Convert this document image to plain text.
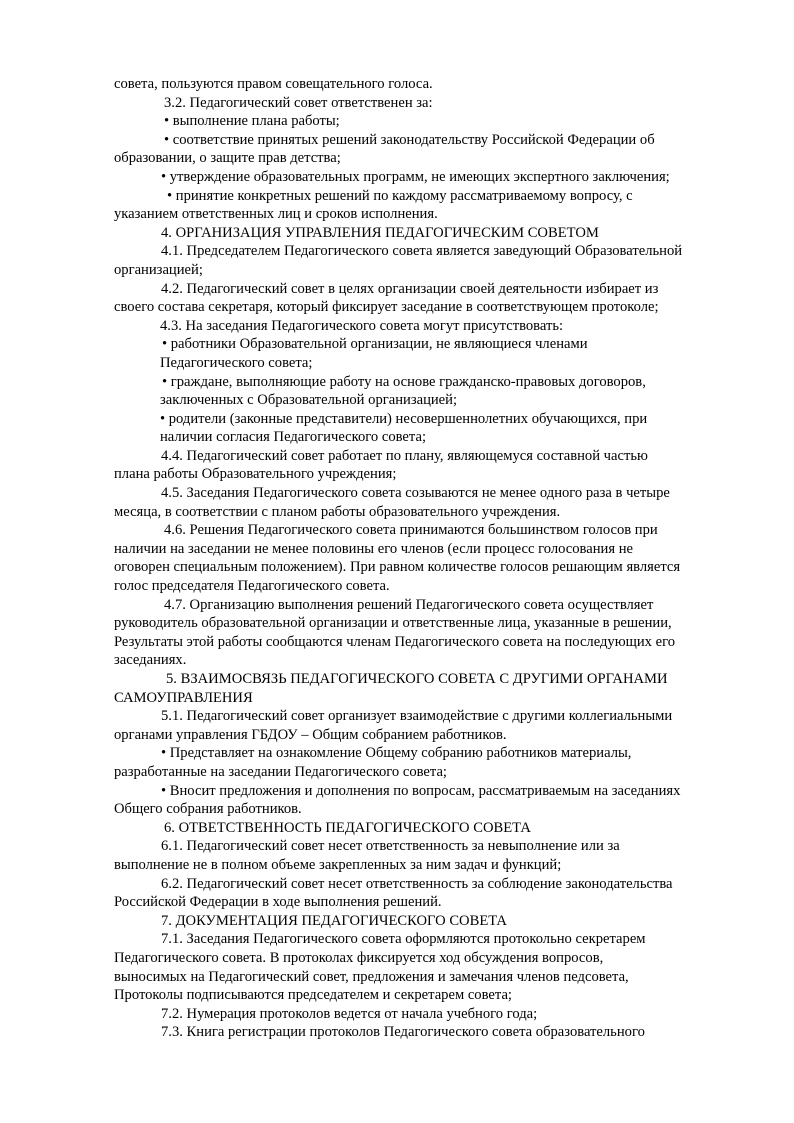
совета, пользуются правом совещательного голоса.
3.2. Педагогический совет ответственен за:
• выполнение плана работы;
• соответствие принятых решений законодательству Российской Федерации об
образовании, о защите прав детства;
• утверждение образовательных программ, не имеющих экспертного заключения;
• принятие конкретных решений по каждому рассматриваемому вопросу, с
указанием ответственных лиц и сроков исполнения.
4. ОРГАНИЗАЦИЯ УПРАВЛЕНИЯ ПЕДАГОГИЧЕСКИМ СОВЕТОМ
4.1. Председателем Педагогического совета является заведующий Образовательной
организацией;
4.2. Педагогический совет в целях организации своей деятельности избирает из
своего состава секретаря, который фиксирует заседание в соответствующем протоколе;
4.3. На заседания Педагогического совета могут присутствовать:
• работники Образовательной организации, не являющиеся членами
Педагогического совета;
• граждане, выполняющие работу на основе гражданско-правовых договоров,
заключенных с Образовательной организацией;
• родители (законные представители) несовершеннолетних обучающихся, при
наличии согласия Педагогического совета;
4.4. Педагогический совет работает по плану, являющемуся составной частью
плана работы Образовательного учреждения;
4.5. Заседания Педагогического совета созываются не менее одного раза в четыре
месяца, в соответствии с планом работы образовательного учреждения.
4.6. Решения Педагогического совета принимаются большинством голосов при
наличии на заседании не менее половины его членов (если процесс голосования не
оговорен специальным положением). При равном количестве голосов решающим является
голос председателя Педагогического совета.
4.7. Организацию выполнения решений Педагогического совета осуществляет
руководитель образовательной организации и ответственные лица, указанные в решении,
Результаты этой работы сообщаются членам Педагогического совета на последующих его
заседаниях.
5. ВЗАИМОСВЯЗЬ ПЕДАГОГИЧЕСКОГО СОВЕТА С ДРУГИМИ ОРГАНАМИ
САМОУПРАВЛЕНИЯ
5.1. Педагогический совет организует взаимодействие с другими коллегиальными
органами управления ГБДОУ – Общим собранием работников.
• Представляет на ознакомление Общему собранию работников материалы,
разработанные на заседании Педагогического совета;
• Вносит предложения и дополнения по вопросам, рассматриваемым на заседаниях
Общего собрания работников.
6. ОТВЕТСТВЕННОСТЬ ПЕДАГОГИЧЕСКОГО СОВЕТА
6.1. Педагогический совет несет ответственность за невыполнение или за
выполнение не в полном объеме закрепленных за ним задач и функций;
6.2. Педагогический совет несет ответственность за соблюдение законодательства
Российской Федерации в ходе выполнения решений.
7. ДОКУМЕНТАЦИЯ ПЕДАГОГИЧЕСКОГО СОВЕТА
7.1. Заседания Педагогического совета оформляются протокольно секретарем
Педагогического совета. В протоколах фиксируется ход обсуждения вопросов,
выносимых на Педагогический совет, предложения и замечания членов педсовета,
Протоколы подписываются председателем и секретарем совета;
7.2. Нумерация протоколов ведется от начала учебного года;
7.3. Книга регистрации протоколов Педагогического совета образовательного
